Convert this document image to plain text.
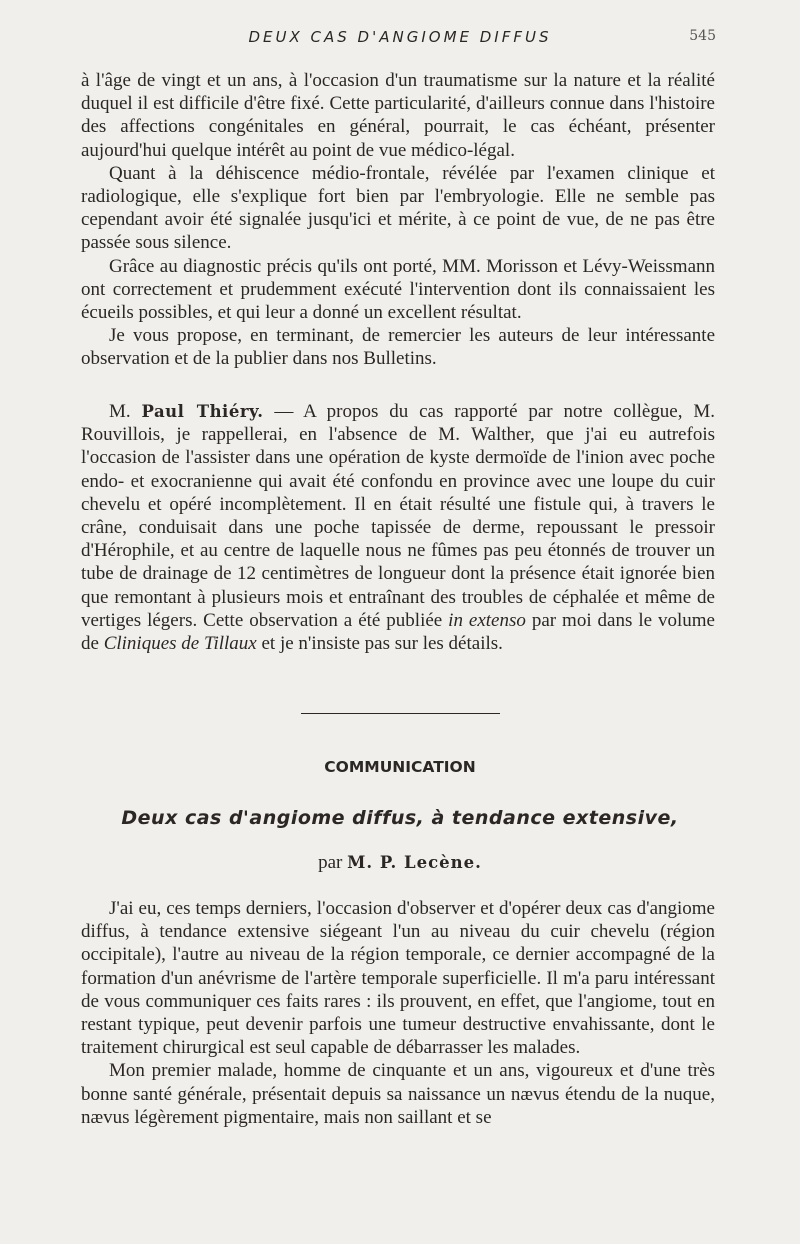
DEUX CAS D'ANGIOME DIFFUS	545

à l'âge de vingt et un ans, à l'occasion d'un traumatisme sur la nature et la réalité duquel il est difficile d'être fixé. Cette particularité, d'ailleurs connue dans l'histoire des affections congénitales en général, pourrait, le cas échéant, présenter aujourd'hui quelque intérêt au point de vue médico-légal.

Quant à la déhiscence médio-frontale, révélée par l'examen clinique et radiologique, elle s'explique fort bien par l'embryologie. Elle ne semble pas cependant avoir été signalée jusqu'ici et mérite, à ce point de vue, de ne pas être passée sous silence.

Grâce au diagnostic précis qu'ils ont porté, MM. Morisson et Lévy-Weissmann ont correctement et prudemment exécuté l'intervention dont ils connaissaient les écueils possibles, et qui leur a donné un excellent résultat.

Je vous propose, en terminant, de remercier les auteurs de leur intéressante observation et de la publier dans nos Bulletins.

M. Paul Thiéry. — A propos du cas rapporté par notre collègue, M. Rouvillois, je rappellerai, en l'absence de M. Walther, que j'ai eu autrefois l'occasion de l'assister dans une opération de kyste dermoïde de l'inion avec poche endo- et exocranienne qui avait été confondu en province avec une loupe du cuir chevelu et opéré incomplètement. Il en était résulté une fistule qui, à travers le crâne, conduisait dans une poche tapissée de derme, repoussant le pressoir d'Hérophile, et au centre de laquelle nous ne fûmes pas peu étonnés de trouver un tube de drainage de 12 centimètres de longueur dont la présence était ignorée bien que remontant à plusieurs mois et entraînant des troubles de céphalée et même de vertiges légers. Cette observation a été publiée in extenso par moi dans le volume de Cliniques de Tillaux et je n'insiste pas sur les détails.

COMMUNICATION
Deux cas d'angiome diffus, à tendance extensive,
par M. P. Lecène.

J'ai eu, ces temps derniers, l'occasion d'observer et d'opérer deux cas d'angiome diffus, à tendance extensive siégeant l'un au niveau du cuir chevelu (région occipitale), l'autre au niveau de la région temporale, ce dernier accompagné de la formation d'un anévrisme de l'artère temporale superficielle. Il m'a paru intéressant de vous communiquer ces faits rares : ils prouvent, en effet, que l'angiome, tout en restant typique, peut devenir parfois une tumeur destructive envahissante, dont le traitement chirurgical est seul capable de débarrasser les malades.

Mon premier malade, homme de cinquante et un ans, vigoureux et d'une très bonne santé générale, présentait depuis sa naissance un nævus étendu de la nuque, nævus légèrement pigmentaire, mais non saillant et se
